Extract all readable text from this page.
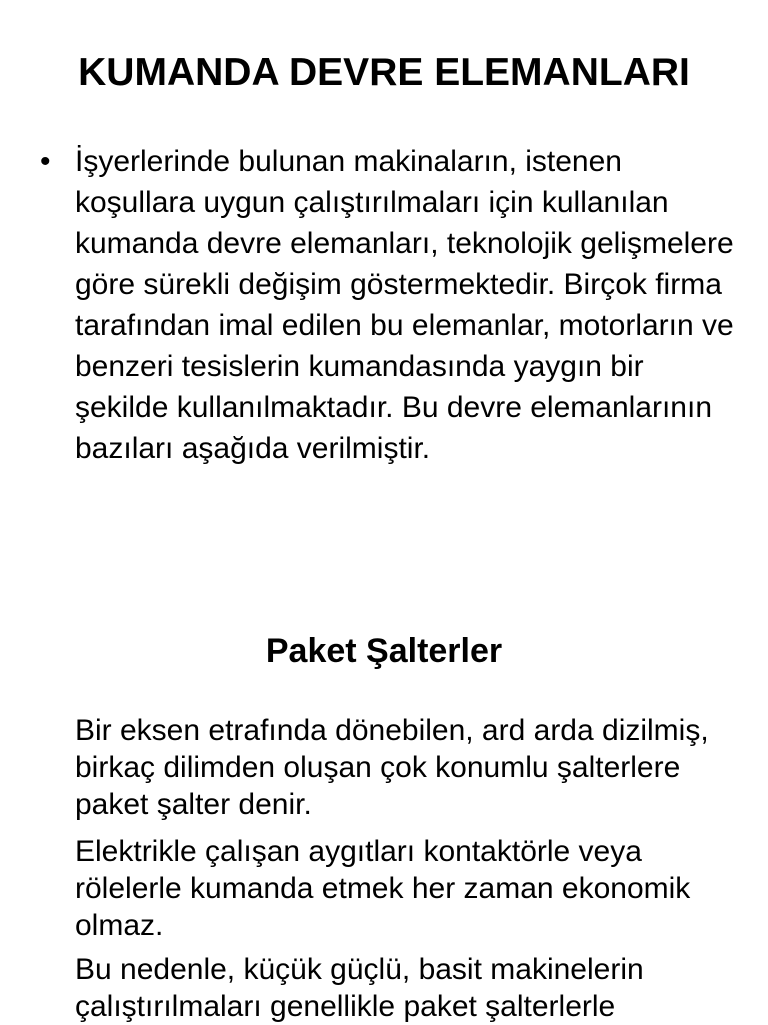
KUMANDA DEVRE ELEMANLARI
• İşyerlerinde bulunan makinaların, istenen koşullara uygun çalıştırılmaları için kullanılan kumanda devre elemanları, teknolojik gelişmelere göre sürekli değişim göstermektedir. Birçok firma tarafından imal edilen bu elemanlar, motorların ve benzeri tesislerin kumandasında yaygın bir şekilde kullanılmaktadır. Bu devre elemanlarının bazıları aşağıda verilmiştir.

Paket Şalterler

Bir eksen etrafında dönebilen, ard arda dizilmiş, birkaç dilimden oluşan çok konumlu şalterlere paket şalter denir.

Elektrikle çalışan aygıtları kontaktörle veya rölelerle kumanda etmek her zaman ekonomik olmaz.

Bu nedenle, küçük güçlü, basit makinelerin çalıştırılmaları genellikle paket şalterlerle
